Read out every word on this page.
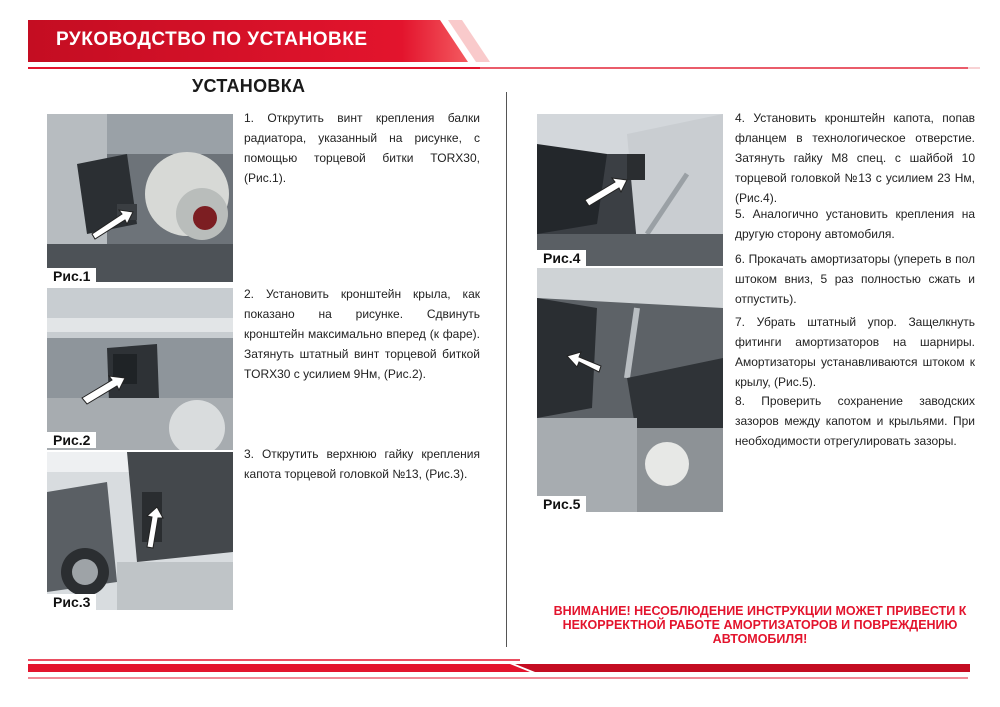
РУКОВОДСТВО ПО УСТАНОВКЕ
УСТАНОВКА
Рис.1
Рис.2
Рис.3
Рис.4
Рис.5
1. Открутить винт крепления балки радиатора, указанный на рисунке, с помощью торцевой битки TORX30, (Рис.1).
2. Установить кронштейн крыла, как показано на рисунке. Сдвинуть кронштейн максимально вперед (к фаре). Затянуть штатный винт торцевой биткой TORX30 с усилием 9Нм, (Рис.2).
3. Открутить верхнюю гайку крепления капота торцевой головкой №13, (Рис.3).
4. Установить кронштейн капота, попав фланцем в технологическое отверстие. Затянуть гайку М8 спец. с шайбой 10 торцевой головкой №13 с усилием 23 Нм, (Рис.4).
5. Аналогично установить крепления на другую сторону автомобиля.
6. Прокачать амортизаторы (упереть в пол штоком вниз, 5 раз полностью сжать и отпустить).
7. Убрать штатный упор. Защелкнуть фитинги амортизаторов на шарниры. Амортизаторы устанавливаются штоком к крылу, (Рис.5).
8. Проверить сохранение заводских зазоров между капотом и крыльями. При необходимости отрегулировать зазоры.
ВНИМАНИЕ! НЕСОБЛЮДЕНИЕ ИНСТРУКЦИИ МОЖЕТ ПРИВЕСТИ К НЕКОРРЕКТНОЙ РАБОТЕ АМОРТИЗАТОРОВ И ПОВРЕЖДЕНИЮ АВТОМОБИЛЯ!
